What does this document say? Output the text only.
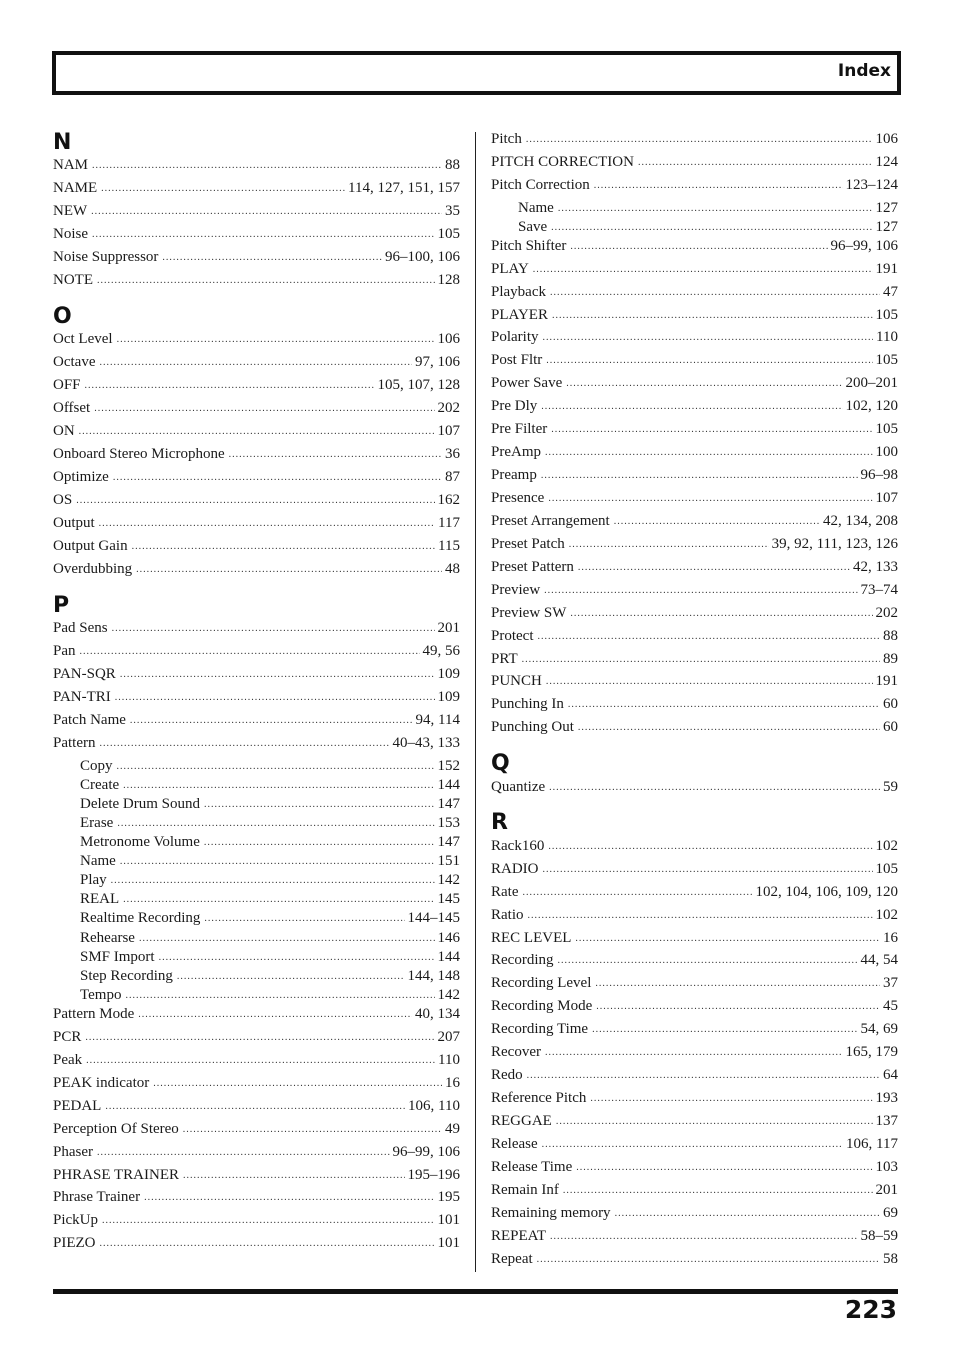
Index
N
NAM .....	88
NAME .....	114, 127, 151, 157
NEW .....	35
Noise .....	105
Noise Suppressor .....	96–100, 106
NOTE .....	128
O
Oct Level .....	106
Octave .....	97, 106
OFF .....	105, 107, 128
Offset .....	202
ON .....	107
Onboard Stereo Microphone .....	36
Optimize .....	87
OS .....	162
Output .....	117
Output Gain .....	115
Overdubbing .....	48
P
Pad Sens .....	201
Pan .....	49, 56
PAN-SQR .....	109
PAN-TRI .....	109
Patch Name .....	94, 114
Pattern .....	40–43, 133
Copy .....	152
Create .....	144
Delete Drum Sound .....	147
Erase .....	153
Metronome Volume .....	147
Name .....	151
Play .....	142
REAL .....	145
Realtime Recording .....	144–145
Rehearse .....	146
SMF Import .....	144
Step Recording .....	144, 148
Tempo .....	142
Pattern Mode .....	40, 134
PCR .....	207
Peak .....	110
PEAK indicator .....	16
PEDAL .....	106, 110
Perception Of Stereo .....	49
Phaser .....	96–99, 106
PHRASE TRAINER .....	195–196
Phrase Trainer .....	195
PickUp .....	101
PIEZO .....	101
Pitch .....	106
PITCH CORRECTION .....	124
Pitch Correction .....	123–124
Name .....	127
Save .....	127
Pitch Shifter .....	96–99, 106
PLAY .....	191
Playback .....	47
PLAYER .....	105
Polarity .....	110
Post Fltr .....	105
Power Save .....	200–201
Pre Dly .....	102, 120
Pre Filter .....	105
PreAmp .....	100
Preamp .....	96–98
Presence .....	107
Preset Arrangement .....	42, 134, 208
Preset Patch .....	39, 92, 111, 123, 126
Preset Pattern .....	42, 133
Preview .....	73–74
Preview SW .....	202
Protect .....	88
PRT .....	89
PUNCH .....	191
Punching In .....	60
Punching Out .....	60
Q
Quantize .....	59
R
Rack160 .....	102
RADIO .....	105
Rate .....	102, 104, 106, 109, 120
Ratio .....	102
REC LEVEL .....	16
Recording .....	44, 54
Recording Level .....	37
Recording Mode .....	45
Recording Time .....	54, 69
Recover .....	165, 179
Redo .....	64
Reference Pitch .....	193
REGGAE .....	137
Release .....	106, 117
Release Time .....	103
Remain Inf .....	201
Remaining memory .....	69
REPEAT .....	58–59
Repeat .....	58
223
